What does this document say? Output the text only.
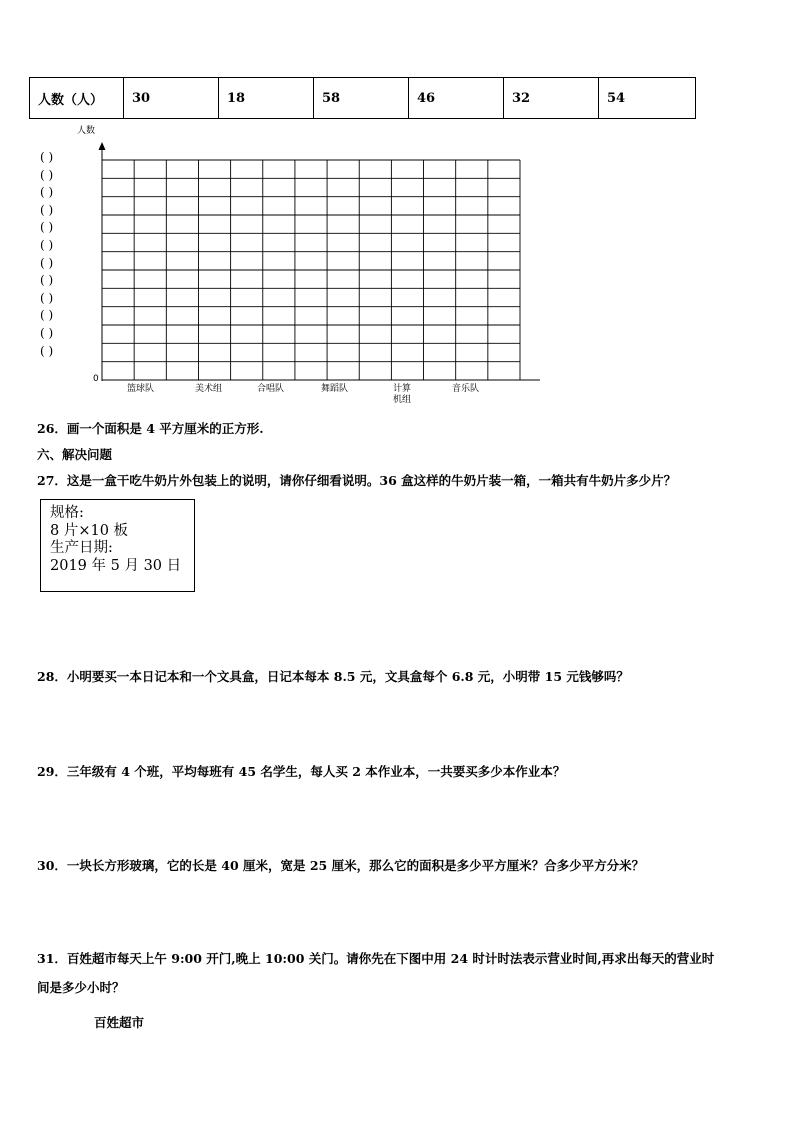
人数（人）	30	18	58	46	32	54
人数
( )
( )
( )
( )
( )
( )
( )
( )
( )
( )
( )
( )
0
篮球队	美术组	合唱队	舞蹈队	计算
机组
音乐队
26．画一个面积是 4 平方厘米的正方形.
六、解决问题
27．这是一盒干吃牛奶片外包装上的说明，请你仔细看说明。36 盒这样的牛奶片装一箱，一箱共有牛奶片多少片？
规格:
8 片×10 板
生产日期:
2019 年 5 月 30 日
28．小明要买一本日记本和一个文具盒，日记本每本 8.5 元，文具盒每个 6.8 元，小明带 15 元钱够吗？
29．三年级有 4 个班，平均每班有 45 名学生，每人买 2 本作业本，一共要买多少本作业本？
30．一块长方形玻璃，它的长是 40 厘米，宽是 25 厘米，那么它的面积是多少平方厘米？合多少平方分米？
31．百姓超市每天上午 9:00 开门,晚上 10:00 关门。请你先在下图中用 24 时计时法表示营业时间,再求出每天的营业时
间是多少小时？
百姓超市
